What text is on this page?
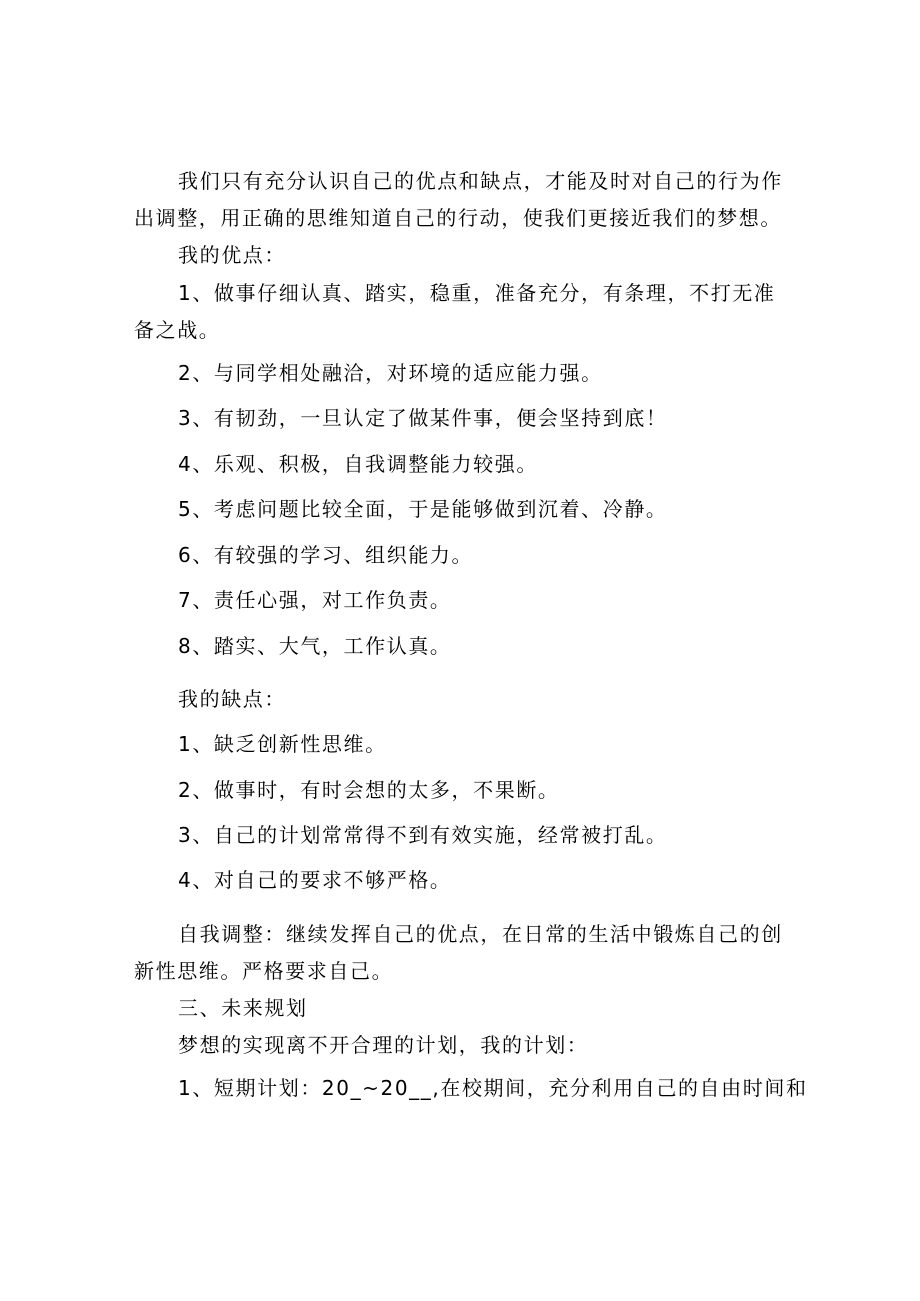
我们只有充分认识自己的优点和缺点，才能及时对自己的行为作
出调整，用正确的思维知道自己的行动，使我们更接近我们的梦想。
我的优点：
1、做事仔细认真、踏实，稳重，准备充分，有条理，不打无准
备之战。
2、与同学相处融洽，对环境的适应能力强。
3、有韧劲，一旦认定了做某件事，便会坚持到底！
4、乐观、积极，自我调整能力较强。
5、考虑问题比较全面，于是能够做到沉着、冷静。
6、有较强的学习、组织能力。
7、责任心强，对工作负责。
8、踏实、大气，工作认真。
我的缺点：
1、缺乏创新性思维。
2、做事时，有时会想的太多，不果断。
3、自己的计划常常得不到有效实施，经常被打乱。
4、对自己的要求不够严格。
自我调整：继续发挥自己的优点，在日常的生活中锻炼自己的创
新性思维。严格要求自己。
三、未来规划
梦想的实现离不开合理的计划，我的计划：
1、短期计划：20_~20__,在校期间，充分利用自己的自由时间和
